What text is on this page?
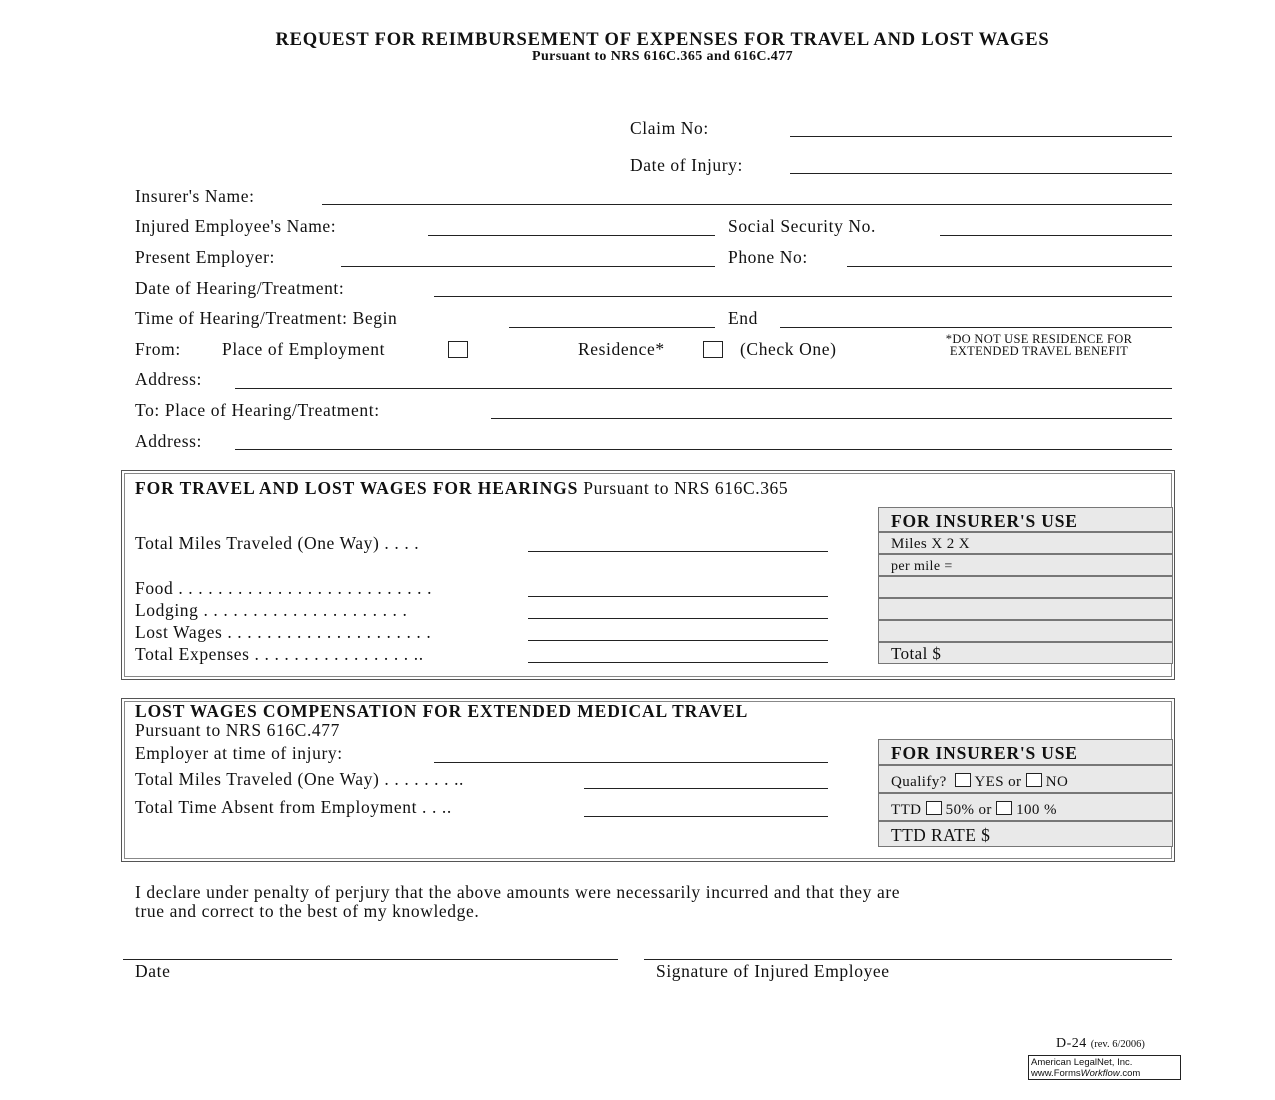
REQUEST FOR REIMBURSEMENT OF EXPENSES FOR TRAVEL AND LOST WAGES
Pursuant to NRS 616C.365 and 616C.477
Claim No:
Date of Injury:
Insurer's Name:
Injured Employee's Name:	Social Security No.
Present Employer:	Phone No:
Date of Hearing/Treatment:
Time of Hearing/Treatment: Begin	End
From: Place of Employment	Residence*	(Check One)	*DO NOT USE RESIDENCE FOR
EXTENDED TRAVEL BENEFIT
Address:
To: Place of Hearing/Treatment:
Address:
FOR TRAVEL AND LOST WAGES FOR HEARINGS Pursuant to NRS 616C.365
Total Miles Traveled (One Way) . . . .
Food . . . . . . . . . . . . . . . . . . . . . . . . . .
Lodging . . . . . . . . . . . . . . . . . . . . .
Lost Wages . . . . . . . . . . . . . . . . . . . . .
Total Expenses . . . . . . . . . . . . . . . . ..
FOR INSURER'S USE
Miles X 2 X
per mile =
Total $
LOST WAGES COMPENSATION FOR EXTENDED MEDICAL TRAVEL
Pursuant to NRS 616C.477
Employer at time of injury:
Total Miles Traveled (One Way) . . . . . . . ..
Total Time Absent from Employment . . ..
FOR INSURER'S USE
Qualify? YES or NO
TTD 50% or 100 %
TTD RATE $
I declare under penalty of perjury that the above amounts were necessarily incurred and that they are
true and correct to the best of my knowledge.
Date	Signature of Injured Employee
D-24 (rev. 6/2006)
American LegalNet, Inc.
www.FormsWorkflow.com
